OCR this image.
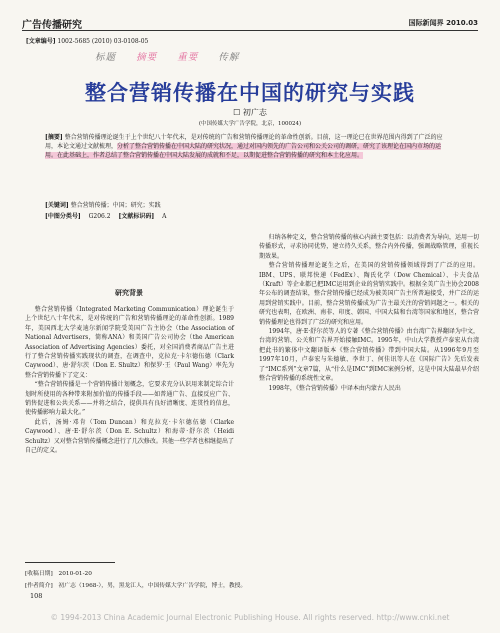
广告传播研究	国际新闻界 2010.03
[文章编号] 1002-5685 (2010) 03-0108-05
标题 摘要 重要 传解
整合营销传播在中国的研究与实践
☐ 初广志
(中国传媒大学广告学院，北京，100024)
[摘要] 整合营销传播理论诞生于上个世纪八十年代末，是对传统的广告和营销传播理论的革命性创新。目前，这一理论已在世界范围内得到了广泛的应用，本论文通过文献梳理，分析了整合营销传播在中国大陆的研究状况，通过对国内领先的广告公司和公关公司的调研，研究了该理论在国内市场的运用。在此基础上，作者总结了整合营销传播在中国大陆发展的成就和不足，以期促进整合营销传播的研究和本土化应用。
[关键词] 整合营销传播；中国；研究；实践
[中图分类号] G206.2 [文献标识码] A
研究背景

整合营销传播（Integrated Marketing Communication）理论诞生于上个世纪八十年代末，是对传统的广告和营销传播理论的革命性创新。1989年，美国西北大学麦迪尔新闻学院受美国广告主协会（the Association of National Advertisers，简称ANA）和美国广告公司协会（the American Association of Advertising Agencies）委托，对全国消费者商品广告主进行了整合营销传播实践现状的调查，在调查中，克拉克·卡尔德伍德（Clark Caywood）、唐·舒尔茨（Don E. Shultz）和保罗·王（Paul Wang）率先为整合营销传播下了定义：

“整合营销传播是一个营销传播计划概念，它要求充分认识用来制定综合计划时所使用的各种带来附加价值的传播手段——如普通广告、直接反应广告、销售促进和公共关系——并将之结合，提供具有良好清晰度、连贯性的信息，使传播影响力最大化。”

此后，汤姆·邓肯（Tom Duncan）和克拉克·卡尔德伍德（Clarke Caywood）、唐·E·舒尔茨（Don E. Schultz）和海蒂·舒尔茨（Heidi Schultz）又对整合营销传播概念进行了几次修改。其他一些学者也相继提出了自己的定义。

归纳各种定义，整合营销传播的核心内涵主要包括：以消费者为导向，运用一切传播形式，寻求协同优势，建立持久关系，整合内外传播，强调战略管理，重视长期效果。

整合营销传播理论诞生之后，在美国的营销传播领域得到了广泛的应用。IBM、UPS、联邦快递（FedEx）、陶氏化学（Dow Chemical）、卡夫食品（Kraft）等企业都已把IMC运用到企业的营销实践中。根据全美广告主协会2008年公布的调查结果，整合营销传播已经成为被美国广告主所普遍接受，并广泛的运用到营销实践中。目前，整合营销传播成为广告主最关注的营销问题之一。相关的研究也表明，在欧洲、南非、印度、韩国、中国大陆和台湾等国家和地区，整合营销传播理论也得到了广泛的研究和应用。

1994年，唐·E·舒尔茨等人的专著《整合营销传播》由台湾广告界翻译为中文，台湾的营销、公关和广告界开始接触IMC。1995年，中山大学教授卢泰宏从台湾把此书的繁体中文翻译版本《整合营销传播》带到中国大陆。从1996年9月至1997年10月，卢泰宏与朱德敏、李世丁、何佳讯等人在《国际广告》先后发表了“IMC系列”文章7篇，从“什么是IMC”到IMC案例分析，这是中国大陆最早介绍整合营销传播的系统性文章。

1998年，《整合营销传播》中译本由内蒙古人民出

[收稿日期]　2010-01-20
[作者简介]　初广志（1968-），男，黑龙江人，中国传媒大学广告学院，博士，教授。
108
© 1994-2013 China Academic Journal Electronic Publishing House. All rights reserved. http://www.cnki.net
